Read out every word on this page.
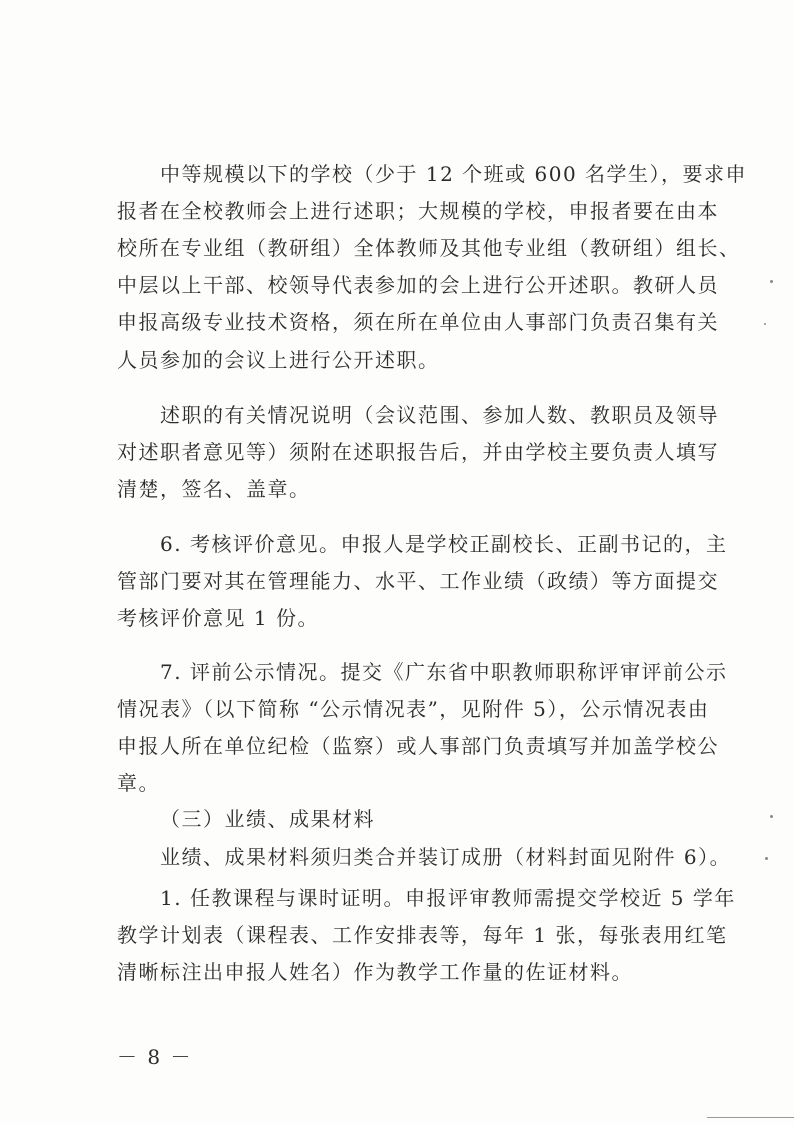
中等规模以下的学校（少于 12 个班或 600 名学生），要求申
报者在全校教师会上进行述职；大规模的学校，申报者要在由本
校所在专业组（教研组）全体教师及其他专业组（教研组）组长、
中层以上干部、校领导代表参加的会上进行公开述职。教研人员
申报高级专业技术资格，须在所在单位由人事部门负责召集有关
人员参加的会议上进行公开述职。
述职的有关情况说明（会议范围、参加人数、教职员及领导
对述职者意见等）须附在述职报告后，并由学校主要负责人填写
清楚，签名、盖章。
6. 考核评价意见。申报人是学校正副校长、正副书记的，主
管部门要对其在管理能力、水平、工作业绩（政绩）等方面提交
考核评价意见 1 份。
7. 评前公示情况。提交《广东省中职教师职称评审评前公示
情况表》（以下简称 “公示情况表”，见附件 5），公示情况表由
申报人所在单位纪检（监察）或人事部门负责填写并加盖学校公
章。
（三）业绩、成果材料
业绩、成果材料须归类合并装订成册（材料封面见附件 6）。
1. 任教课程与课时证明。申报评审教师需提交学校近 5 学年
教学计划表（课程表、工作安排表等，每年 1 张，每张表用红笔
清晰标注出申报人姓名）作为教学工作量的佐证材料。
－ 8 －
